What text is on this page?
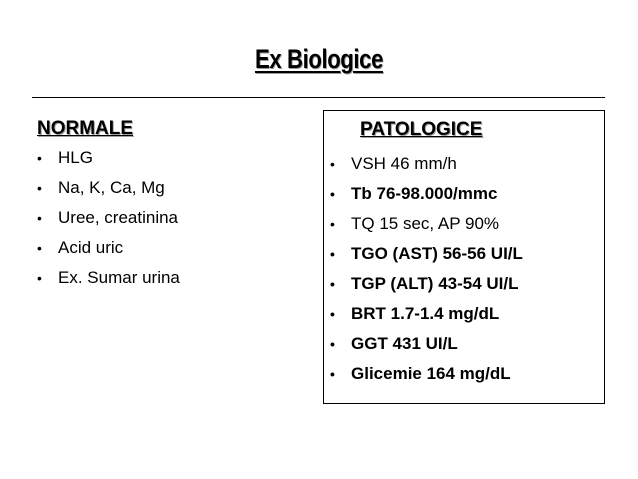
Ex Biologice
NORMALE
• HLG
• Na, K, Ca, Mg
• Uree, creatinina
• Acid uric
• Ex. Sumar urina
PATOLOGICE
• VSH 46 mm/h
• Tb 76-98.000/mmc
• TQ 15 sec, AP 90%
• TGO (AST) 56-56 UI/L
• TGP (ALT) 43-54 UI/L
• BRT 1.7-1.4 mg/dL
• GGT 431 UI/L
• Glicemie 164 mg/dL
